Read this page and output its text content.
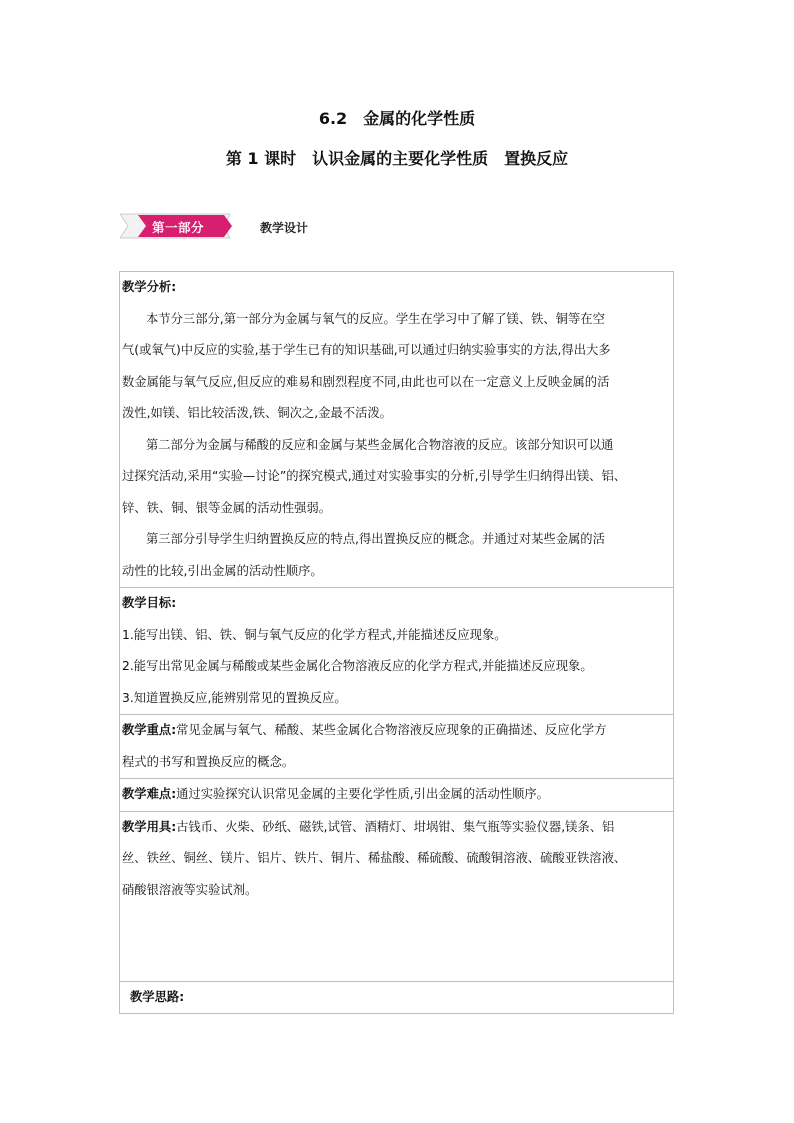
6.2　金属的化学性质
第 1 课时　认识金属的主要化学性质　置换反应
第一部分	教学设计
教学分析:
本节分三部分,第一部分为金属与氧气的反应。学生在学习中了解了镁、铁、铜等在空
气(或氧气)中反应的实验,基于学生已有的知识基础,可以通过归纳实验事实的方法,得出大多
数金属能与氧气反应,但反应的难易和剧烈程度不同,由此也可以在一定意义上反映金属的活
泼性,如镁、铝比较活泼,铁、铜次之,金最不活泼。
第二部分为金属与稀酸的反应和金属与某些金属化合物溶液的反应。该部分知识可以通
过探究活动,采用“实验—讨论”的探究模式,通过对实验事实的分析,引导学生归纳得出镁、铝、
锌、铁、铜、银等金属的活动性强弱。
第三部分引导学生归纳置换反应的特点,得出置换反应的概念。并通过对某些金属的活
动性的比较,引出金属的活动性顺序。

教学目标:
1.能写出镁、铝、铁、铜与氧气反应的化学方程式,并能描述反应现象。
2.能写出常见金属与稀酸或某些金属化合物溶液反应的化学方程式,并能描述反应现象。
3.知道置换反应,能辨别常见的置换反应。

教学重点:常见金属与氧气、稀酸、某些金属化合物溶液反应现象的正确描述、反应化学方
程式的书写和置换反应的概念。

教学难点:通过实验探究认识常见金属的主要化学性质,引出金属的活动性顺序。

教学用具:古钱币、火柴、砂纸、磁铁,试管、酒精灯、坩埚钳、集气瓶等实验仪器,镁条、铝
丝、铁丝、铜丝、镁片、铝片、铁片、铜片、稀盐酸、稀硫酸、硫酸铜溶液、硫酸亚铁溶液、
硝酸银溶液等实验试剂。

教学思路:
